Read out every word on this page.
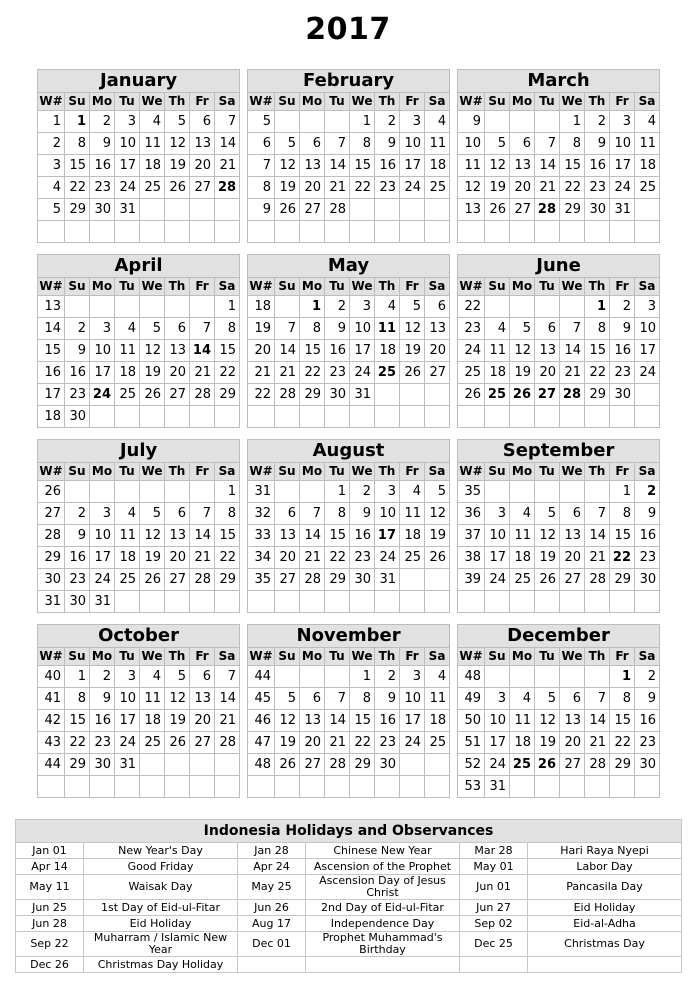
2017
January							
W#	Su	Mo	Tu	We	Th	Fr	Sa
1	1	2	3	4	5	6	7
2	8	9	10	11	12	13	14
3	15	16	17	18	19	20	21
4	22	23	24	25	26	27	28
5	29	30	31				

February							
W#	Su	Mo	Tu	We	Th	Fr	Sa
5				1	2	3	4
6	5	6	7	8	9	10	11
7	12	13	14	15	16	17	18
8	19	20	21	22	23	24	25
9	26	27	28				

March							
W#	Su	Mo	Tu	We	Th	Fr	Sa
9				1	2	3	4
10	5	6	7	8	9	10	11
11	12	13	14	15	16	17	18
12	19	20	21	22	23	24	25
13	26	27	28	29	30	31	

April							
W#	Su	Mo	Tu	We	Th	Fr	Sa
13							1
14	2	3	4	5	6	7	8
15	9	10	11	12	13	14	15
16	16	17	18	19	20	21	22
17	23	24	25	26	27	28	29
18	30						
May							
W#	Su	Mo	Tu	We	Th	Fr	Sa
18		1	2	3	4	5	6
19	7	8	9	10	11	12	13
20	14	15	16	17	18	19	20
21	21	22	23	24	25	26	27
22	28	29	30	31			

June							
W#	Su	Mo	Tu	We	Th	Fr	Sa
22					1	2	3
23	4	5	6	7	8	9	10
24	11	12	13	14	15	16	17
25	18	19	20	21	22	23	24
26	25	26	27	28	29	30	

July							
W#	Su	Mo	Tu	We	Th	Fr	Sa
26							1
27	2	3	4	5	6	7	8
28	9	10	11	12	13	14	15
29	16	17	18	19	20	21	22
30	23	24	25	26	27	28	29
31	30	31					
August							
W#	Su	Mo	Tu	We	Th	Fr	Sa
31			1	2	3	4	5
32	6	7	8	9	10	11	12
33	13	14	15	16	17	18	19
34	20	21	22	23	24	25	26
35	27	28	29	30	31		

September							
W#	Su	Mo	Tu	We	Th	Fr	Sa
35						1	2
36	3	4	5	6	7	8	9
37	10	11	12	13	14	15	16
38	17	18	19	20	21	22	23
39	24	25	26	27	28	29	30

October							
W#	Su	Mo	Tu	We	Th	Fr	Sa
40	1	2	3	4	5	6	7
41	8	9	10	11	12	13	14
42	15	16	17	18	19	20	21
43	22	23	24	25	26	27	28
44	29	30	31				

November							
W#	Su	Mo	Tu	We	Th	Fr	Sa
44				1	2	3	4
45	5	6	7	8	9	10	11
46	12	13	14	15	16	17	18
47	19	20	21	22	23	24	25
48	26	27	28	29	30		

December							
W#	Su	Mo	Tu	We	Th	Fr	Sa
48						1	2
49	3	4	5	6	7	8	9
50	10	11	12	13	14	15	16
51	17	18	19	20	21	22	23
52	24	25	26	27	28	29	30
53	31						
Indonesia Holidays and Observances					
Jan 01	New Year's Day	Jan 28	Chinese New Year	Mar 28	Hari Raya Nyepi
Apr 14	Good Friday	Apr 24	Ascension of the Prophet	May 01	Labor Day
May 11	Waisak Day	May 25	Ascension Day of Jesus Christ	Jun 01	Pancasila Day
Jun 25	1st Day of Eid-ul-Fitar	Jun 26	2nd Day of Eid-ul-Fitar	Jun 27	Eid Holiday
Jun 28	Eid Holiday	Aug 17	Independence Day	Sep 02	Eid-al-Adha
Sep 22	Muharram / Islamic New Year	Dec 01	Prophet Muhammad's Birthday	Dec 25	Christmas Day
Dec 26	Christmas Day Holiday				
